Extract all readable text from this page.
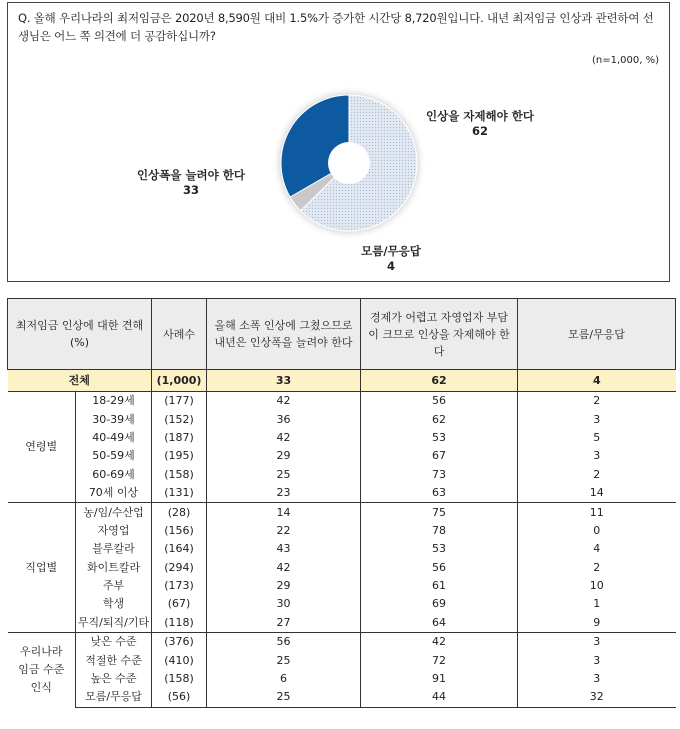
Q. 올해 우리나라의 최저임금은 2020년 8,590원 대비 1.5%가 증가한 시간당 8,720원입니다. 내년 최저임금 인상과 관련하여 선생님은 어느 쪽 의견에 더 공감하십니까?
(n=1,000, %)
인상을 자제해야 한다
62
인상폭을 늘려야 한다
33
모름/무응답
4
최저임금 인상에 대한 견해(%)		사례수	올해 소폭 인상에 그쳤으므로 내년은 인상폭을 늘려야 한다	경제가 어렵고 자영업자 부담이 크므로 인상을 자제해야 한다	모름/무응답
전체		(1,000)	33	62	4
연령별	18-29세	(177)	42	56	2
	30-39세	(152)	36	62	3
	40-49세	(187)	42	53	5
	50-59세	(195)	29	67	3
	60-69세	(158)	25	73	2
	70세 이상	(131)	23	63	14
직업별	농/임/수산업	(28)	14	75	11
	자영업	(156)	22	78	0
	블루칼라	(164)	43	53	4
	화이트칼라	(294)	42	56	2
	주부	(173)	29	61	10
	학생	(67)	30	69	1
	무직/퇴직/기타	(118)	27	64	9
우리나라 임금 수준 인식	낮은 수준	(376)	56	42	3
	적절한 수준	(410)	25	72	3
	높은 수준	(158)	6	91	3
	모름/무응답	(56)	25	44	32
